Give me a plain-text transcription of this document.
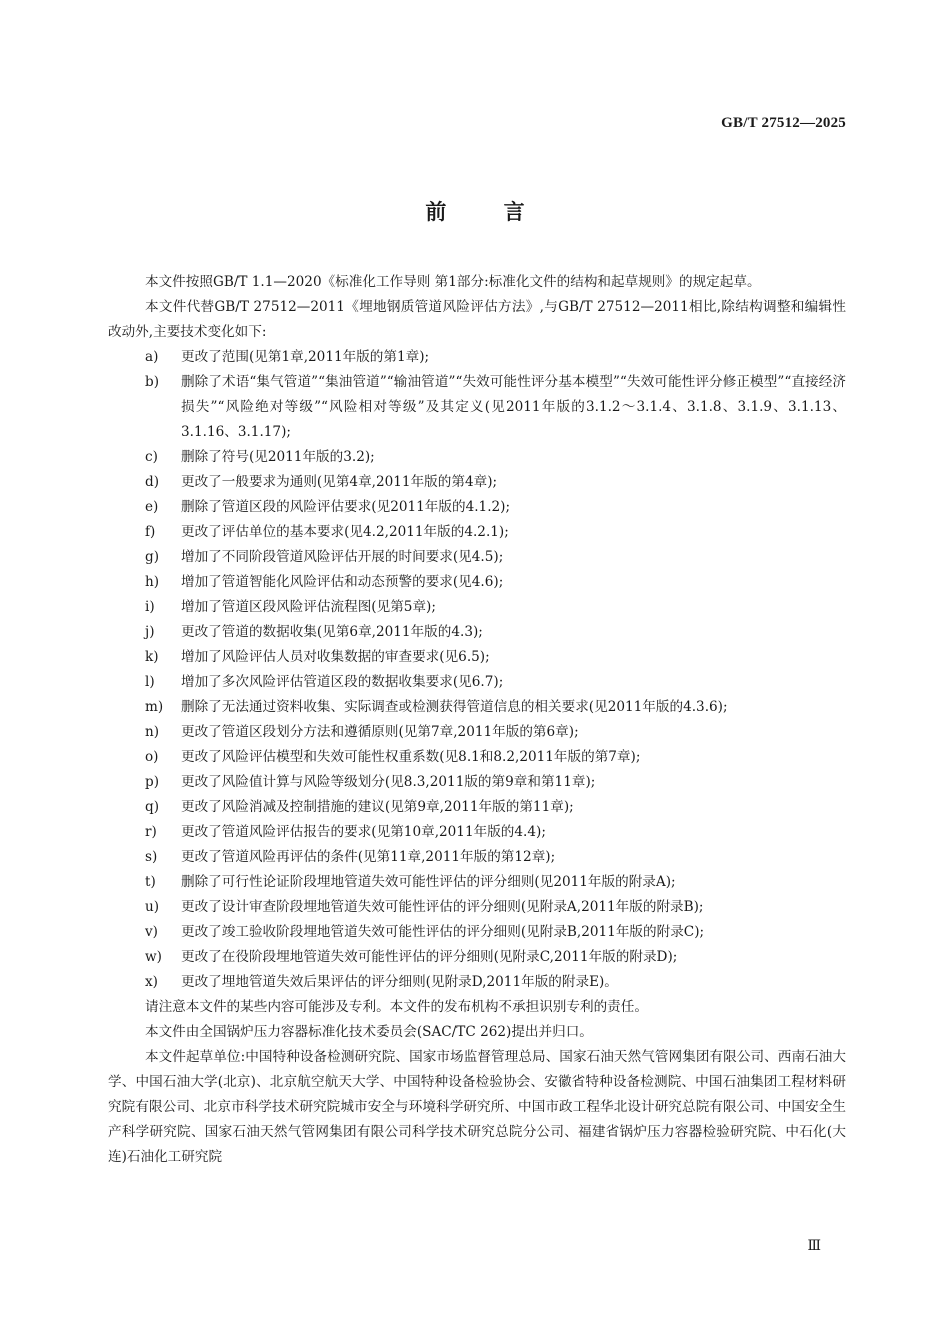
GB/T 27512—2025
前 言

本文件按照GB/T 1.1—2020《标准化工作导则 第1部分:标准化文件的结构和起草规则》的规定起草。

本文件代替GB/T 27512—2011《埋地钢质管道风险评估方法》,与GB/T 27512—2011相比,除结构调整和编辑性改动外,主要技术变化如下:

a) 更改了范围(见第1章,2011年版的第1章);

b) 删除了术语“集气管道”“集油管道”“输油管道”“失效可能性评分基本模型”“失效可能性评分修正模型”“直接经济损失”“风险绝对等级”“风险相对等级”及其定义(见2011年版的3.1.2～3.1.4、3.1.8、3.1.9、3.1.13、3.1.16、3.1.17);

c) 删除了符号(见2011年版的3.2);

d) 更改了一般要求为通则(见第4章,2011年版的第4章);

e) 删除了管道区段的风险评估要求(见2011年版的4.1.2);

f) 更改了评估单位的基本要求(见4.2,2011年版的4.2.1);

g) 增加了不同阶段管道风险评估开展的时间要求(见4.5);

h) 增加了管道智能化风险评估和动态预警的要求(见4.6);

i) 增加了管道区段风险评估流程图(见第5章);

j) 更改了管道的数据收集(见第6章,2011年版的4.3);

k) 增加了风险评估人员对收集数据的审查要求(见6.5);

l) 增加了多次风险评估管道区段的数据收集要求(见6.7);

m) 删除了无法通过资料收集、实际调查或检测获得管道信息的相关要求(见2011年版的4.3.6);

n) 更改了管道区段划分方法和遵循原则(见第7章,2011年版的第6章);

o) 更改了风险评估模型和失效可能性权重系数(见8.1和8.2,2011年版的第7章);

p) 更改了风险值计算与风险等级划分(见8.3,2011版的第9章和第11章);

q) 更改了风险消减及控制措施的建议(见第9章,2011年版的第11章);

r) 更改了管道风险评估报告的要求(见第10章,2011年版的4.4);

s) 更改了管道风险再评估的条件(见第11章,2011年版的第12章);

t) 删除了可行性论证阶段埋地管道失效可能性评估的评分细则(见2011年版的附录A);

u) 更改了设计审查阶段埋地管道失效可能性评估的评分细则(见附录A,2011年版的附录B);

v) 更改了竣工验收阶段埋地管道失效可能性评估的评分细则(见附录B,2011年版的附录C);

w) 更改了在役阶段埋地管道失效可能性评估的评分细则(见附录C,2011年版的附录D);

x) 更改了埋地管道失效后果评估的评分细则(见附录D,2011年版的附录E)。

请注意本文件的某些内容可能涉及专利。本文件的发布机构不承担识别专利的责任。

本文件由全国锅炉压力容器标准化技术委员会(SAC/TC 262)提出并归口。

本文件起草单位:中国特种设备检测研究院、国家市场监督管理总局、国家石油天然气管网集团有限公司、西南石油大学、中国石油大学(北京)、北京航空航天大学、中国特种设备检验协会、安徽省特种设备检测院、中国石油集团工程材料研究院有限公司、北京市科学技术研究院城市安全与环境科学研究所、中国市政工程华北设计研究总院有限公司、中国安全生产科学研究院、国家石油天然气管网集团有限公司科学技术研究总院分公司、福建省锅炉压力容器检验研究院、中石化(大连)石油化工研究院

Ⅲ
